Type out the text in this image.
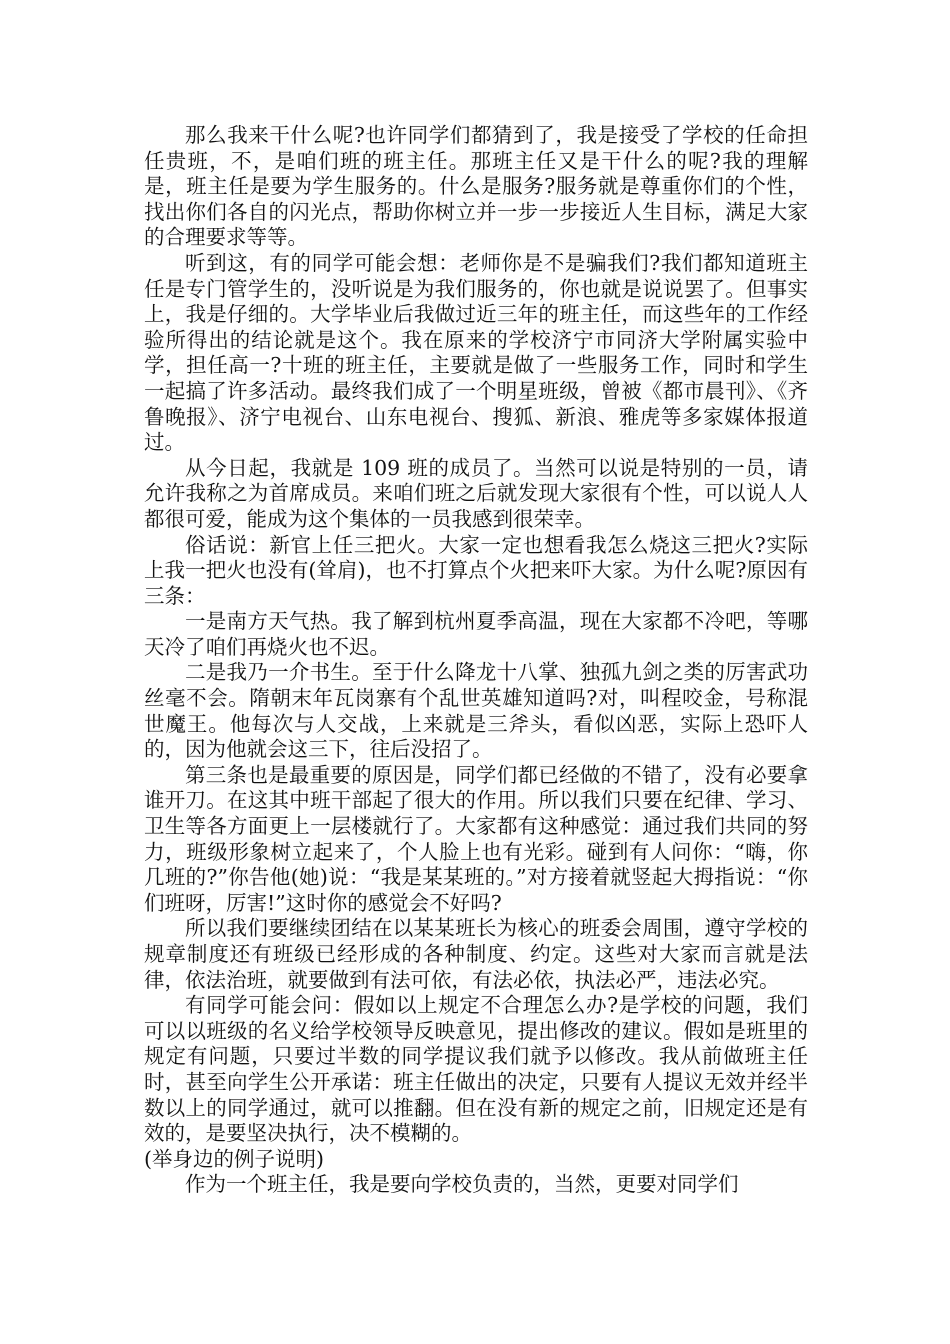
那么我来干什么呢?也许同学们都猜到了，我是接受了学校的任命担任贵班，不，是咱们班的班主任。那班主任又是干什么的呢?我的理解是，班主任是要为学生服务的。什么是服务?服务就是尊重你们的个性，找出你们各自的闪光点，帮助你树立并一步一步接近人生目标，满足大家的合理要求等等。

听到这，有的同学可能会想：老师你是不是骗我们?我们都知道班主任是专门管学生的，没听说是为我们服务的，你也就是说说罢了。但事实上，我是仔细的。大学毕业后我做过近三年的班主任，而这些年的工作经验所得出的结论就是这个。我在原来的学校济宁市同济大学附属实验中学，担任高一?十班的班主任，主要就是做了一些服务工作，同时和学生一起搞了许多活动。最终我们成了一个明星班级，曾被《都市晨刊》、《齐鲁晚报》、济宁电视台、山东电视台、搜狐、新浪、雅虎等多家媒体报道过。

从今日起，我就是 109 班的成员了。当然可以说是特别的一员，请允许我称之为首席成员。来咱们班之后就发现大家很有个性，可以说人人都很可爱，能成为这个集体的一员我感到很荣幸。

俗话说：新官上任三把火。大家一定也想看我怎么烧这三把火?实际上我一把火也没有(耸肩)，也不打算点个火把来吓大家。为什么呢?原因有三条：

一是南方天气热。我了解到杭州夏季高温，现在大家都不冷吧，等哪天冷了咱们再烧火也不迟。

二是我乃一介书生。至于什么降龙十八掌、独孤九剑之类的厉害武功丝毫不会。隋朝末年瓦岗寨有个乱世英雄知道吗?对，叫程咬金，号称混世魔王。他每次与人交战，上来就是三斧头，看似凶恶，实际上恐吓人的，因为他就会这三下，往后没招了。

第三条也是最重要的原因是，同学们都已经做的不错了，没有必要拿谁开刀。在这其中班干部起了很大的作用。所以我们只要在纪律、学习、卫生等各方面更上一层楼就行了。大家都有这种感觉：通过我们共同的努力，班级形象树立起来了，个人脸上也有光彩。碰到有人问你：“嗨，你几班的?”你告他(她)说：“我是某某班的。”对方接着就竖起大拇指说：“你们班呀，厉害!”这时你的感觉会不好吗?

所以我们要继续团结在以某某班长为核心的班委会周围，遵守学校的规章制度还有班级已经形成的各种制度、约定。这些对大家而言就是法律，依法治班，就要做到有法可依，有法必依，执法必严，违法必究。

有同学可能会问：假如以上规定不合理怎么办?是学校的问题，我们可以以班级的名义给学校领导反映意见，提出修改的建议。假如是班里的规定有问题，只要过半数的同学提议我们就予以修改。我从前做班主任时，甚至向学生公开承诺：班主任做出的决定，只要有人提议无效并经半数以上的同学通过，就可以推翻。但在没有新的规定之前，旧规定还是有效的，是要坚决执行，决不模糊的。

(举身边的例子说明)

作为一个班主任，我是要向学校负责的，当然，更要对同学们
